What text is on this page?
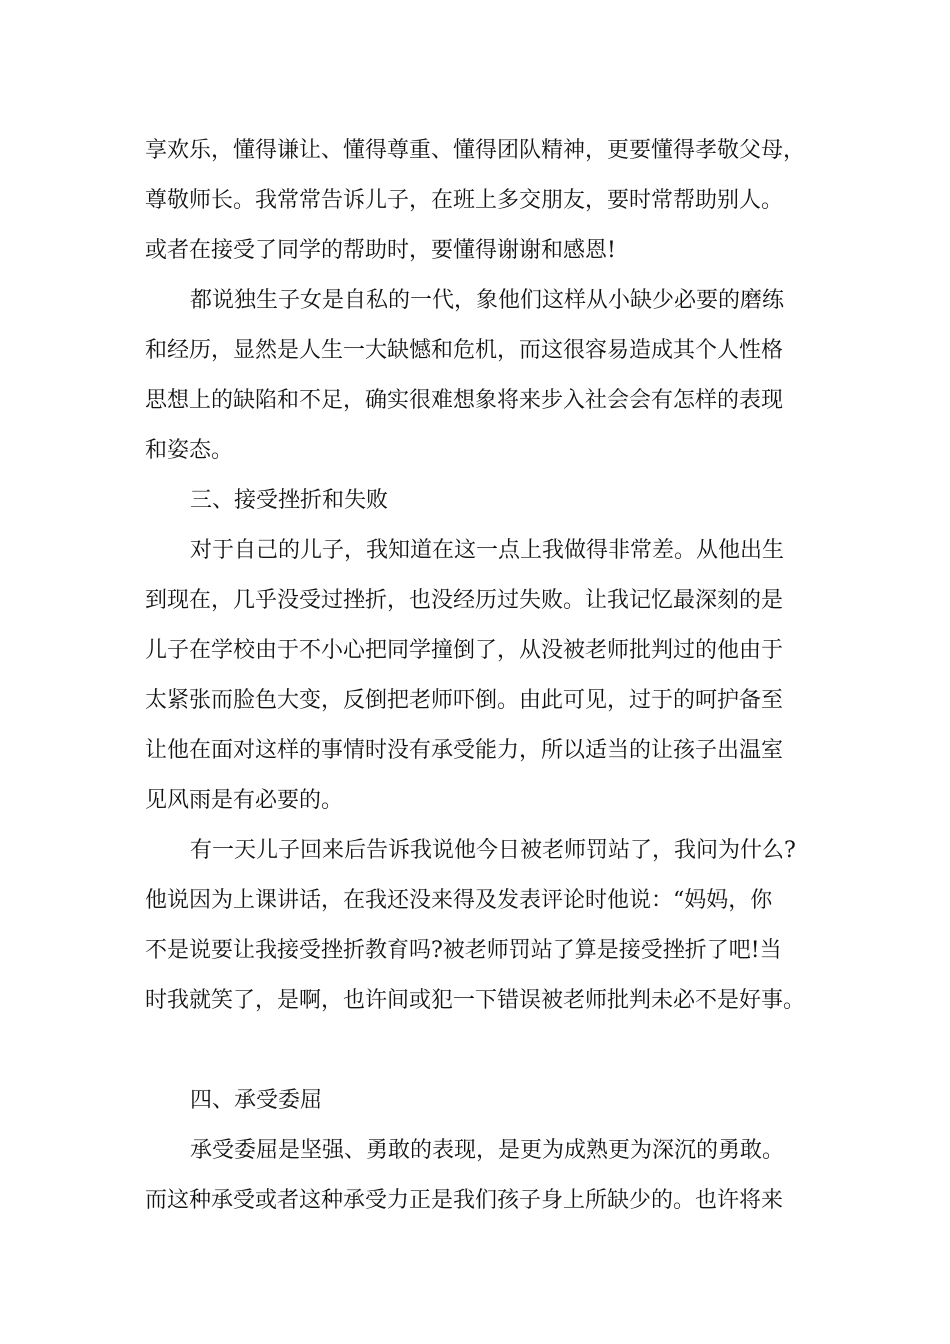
享欢乐，懂得谦让、懂得尊重、懂得团队精神，更要懂得孝敬父母，
尊敬师长。我常常告诉儿子，在班上多交朋友，要时常帮助别人。
或者在接受了同学的帮助时，要懂得谢谢和感恩!
都说独生子女是自私的一代，象他们这样从小缺少必要的磨练
和经历，显然是人生一大缺憾和危机，而这很容易造成其个人性格
思想上的缺陷和不足，确实很难想象将来步入社会会有怎样的表现
和姿态。
三、接受挫折和失败
对于自己的儿子，我知道在这一点上我做得非常差。从他出生
到现在，几乎没受过挫折，也没经历过失败。让我记忆最深刻的是
儿子在学校由于不小心把同学撞倒了，从没被老师批判过的他由于
太紧张而脸色大变，反倒把老师吓倒。由此可见，过于的呵护备至
让他在面对这样的事情时没有承受能力，所以适当的让孩子出温室
见风雨是有必要的。
有一天儿子回来后告诉我说他今日被老师罚站了，我问为什么?
他说因为上课讲话，在我还没来得及发表评论时他说：“妈妈，你
不是说要让我接受挫折教育吗?被老师罚站了算是接受挫折了吧!当
时我就笑了，是啊，也许间或犯一下错误被老师批判未必不是好事。
四、承受委屈
承受委屈是坚强、勇敢的表现，是更为成熟更为深沉的勇敢。
而这种承受或者这种承受力正是我们孩子身上所缺少的。也许将来
